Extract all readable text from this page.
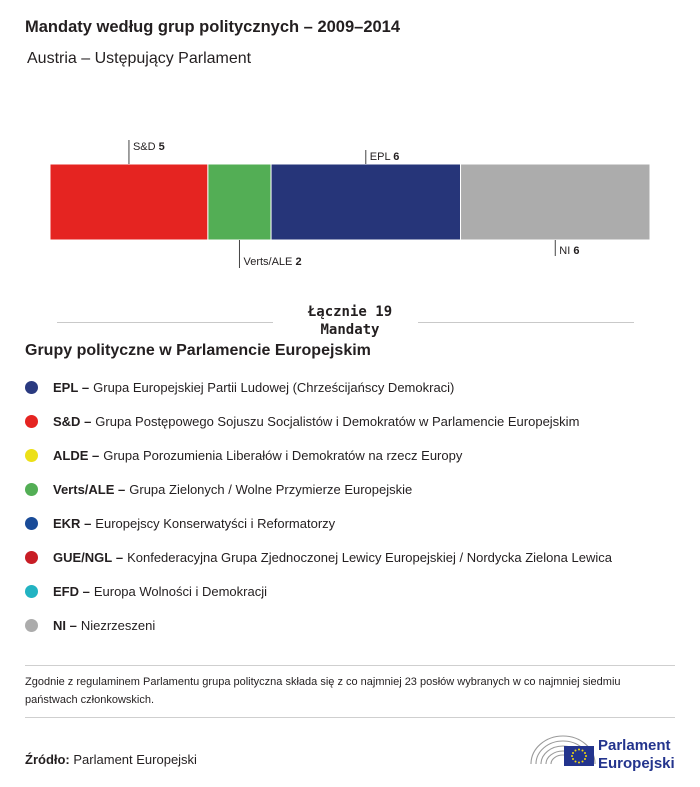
Mandaty według grup politycznych – 2009–2014
Austria – Ustępujący Parlament
S&D 5
Verts/ALE 2
EPL 6
NI 6
Łącznie 19
Mandaty
Grupy polityczne w Parlamencie Europejskim
EPL – Grupa Europejskiej Partii Ludowej (Chrześcijańscy Demokraci)
S&D – Grupa Postępowego Sojuszu Socjalistów i Demokratów w Parlamencie Europejskim
ALDE – Grupa Porozumienia Liberałów i Demokratów na rzecz Europy
Verts/ALE – Grupa Zielonych / Wolne Przymierze Europejskie
EKR – Europejscy Konserwatyści i Reformatorzy
GUE/NGL – Konfederacyjna Grupa Zjednoczonej Lewicy Europejskiej / Nordycka Zielona Lewica
EFD – Europa Wolności i Demokracji
NI – Niezrzeszeni
Zgodnie z regulaminem Parlamentu grupa polityczna składa się z co najmniej 23 posłów wybranych w co najmniej siedmiu państwach członkowskich.
Źródło: Parlament Europejski
Parlament
Europejski
